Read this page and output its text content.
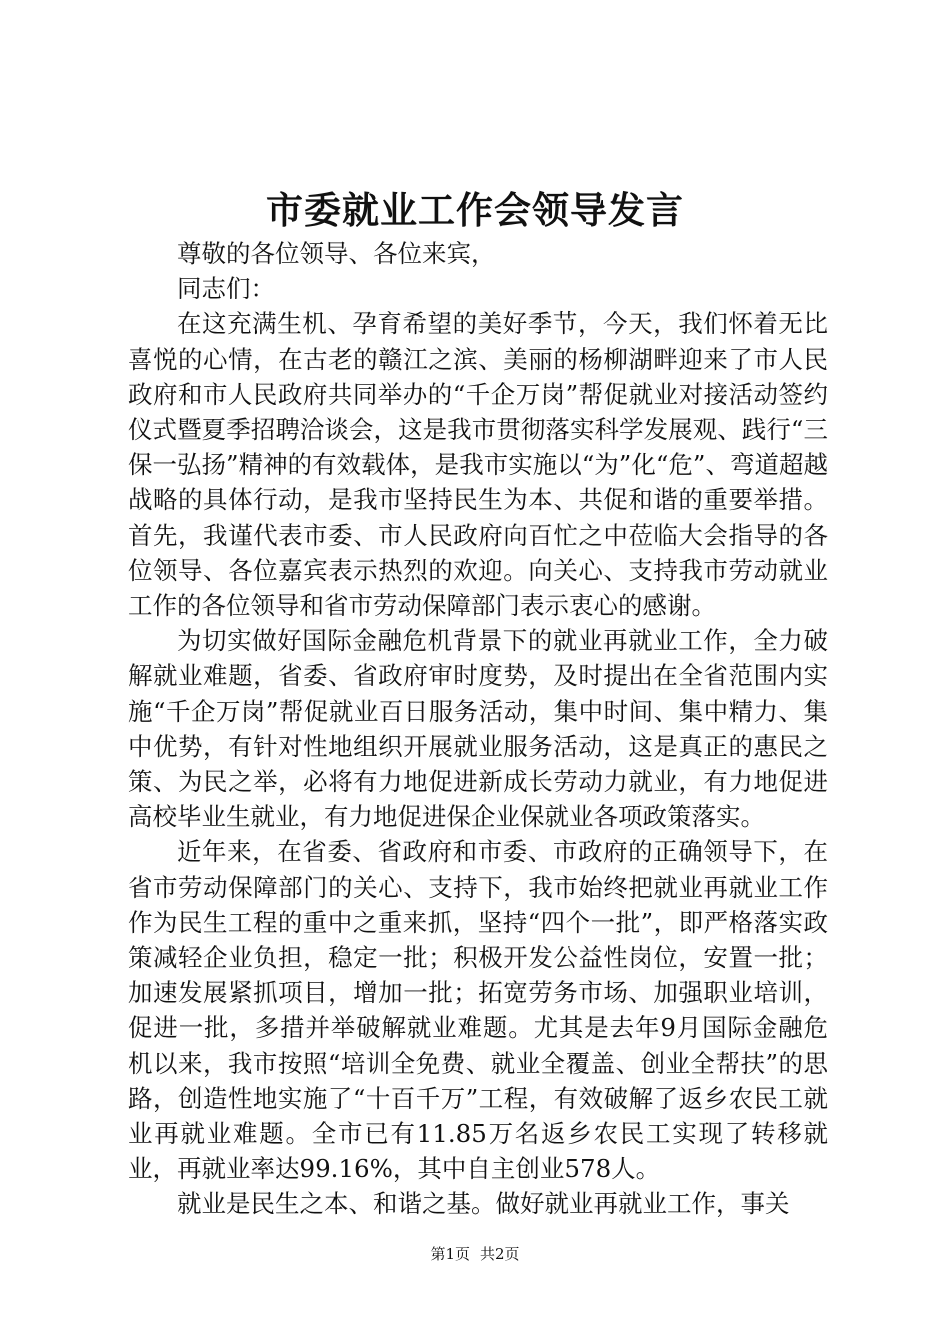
市委就业工作会领导发言

尊敬的各位领导、各位来宾，

同志们：

在这充满生机、孕育希望的美好季节，今天，我们怀着无比喜悦的心情，在古老的赣江之滨、美丽的杨柳湖畔迎来了市人民政府和市人民政府共同举办的“千企万岗”帮促就业对接活动签约仪式暨夏季招聘洽谈会，这是我市贯彻落实科学发展观、践行“三保一弘扬”精神的有效载体，是我市实施以“为”化“危”、弯道超越战略的具体行动，是我市坚持民生为本、共促和谐的重要举措。首先，我谨代表市委、市人民政府向百忙之中莅临大会指导的各位领导、各位嘉宾表示热烈的欢迎。向关心、支持我市劳动就业工作的各位领导和省市劳动保障部门表示衷心的感谢。

为切实做好国际金融危机背景下的就业再就业工作，全力破解就业难题，省委、省政府审时度势，及时提出在全省范围内实施“千企万岗”帮促就业百日服务活动，集中时间、集中精力、集中优势，有针对性地组织开展就业服务活动，这是真正的惠民之策、为民之举，必将有力地促进新成长劳动力就业，有力地促进高校毕业生就业，有力地促进保企业保就业各项政策落实。

近年来，在省委、省政府和市委、市政府的正确领导下，在省市劳动保障部门的关心、支持下，我市始终把就业再就业工作作为民生工程的重中之重来抓，坚持“四个一批”，即严格落实政策减轻企业负担，稳定一批；积极开发公益性岗位，安置一批；加速发展紧抓项目，增加一批；拓宽劳务市场、加强职业培训，促进一批，多措并举破解就业难题。尤其是去年9月国际金融危机以来，我市按照“培训全免费、就业全覆盖、创业全帮扶”的思路，创造性地实施了“十百千万”工程，有效破解了返乡农民工就业再就业难题。全市已有11.85万名返乡农民工实现了转移就业，再就业率达99.16%，其中自主创业578人。

就业是民生之本、和谐之基。做好就业再就业工作，事关

第1页 共2页
